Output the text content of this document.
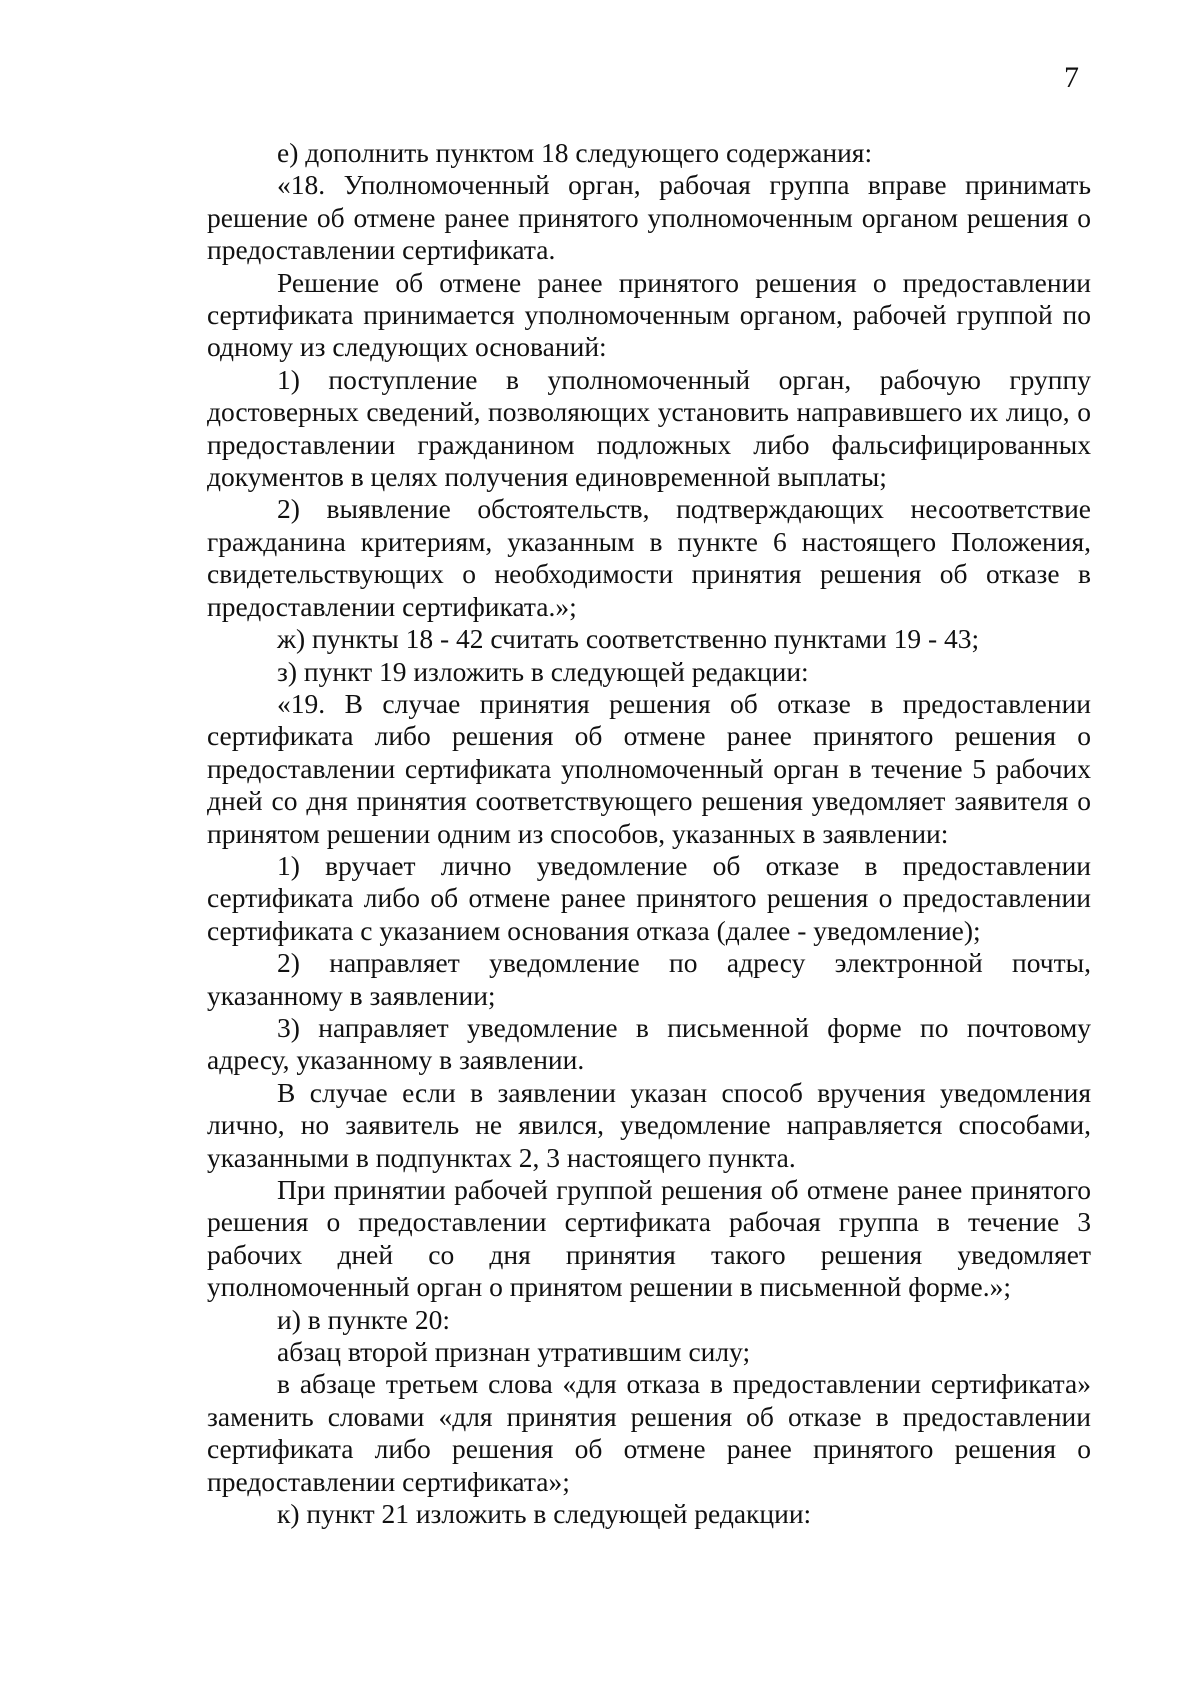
7

е) дополнить пунктом 18 следующего содержания:

«18. Уполномоченный орган, рабочая группа вправе принимать решение об отмене ранее принятого уполномоченным органом решения о предоставлении сертификата.

Решение об отмене ранее принятого решения о предоставлении сертификата принимается уполномоченным органом, рабочей группой по одному из следующих оснований:

1) поступление в уполномоченный орган, рабочую группу достоверных сведений, позволяющих установить направившего их лицо, о предоставлении гражданином подложных либо фальсифицированных документов в целях получения единовременной выплаты;

2) выявление обстоятельств, подтверждающих несоответствие гражданина критериям, указанным в пункте 6 настоящего Положения, свидетельствующих о необходимости принятия решения об отказе в предоставлении сертификата.»;

ж) пункты 18 - 42 считать соответственно пунктами 19 - 43;

з) пункт 19 изложить в следующей редакции:

«19. В случае принятия решения об отказе в предоставлении сертификата либо решения об отмене ранее принятого решения о предоставлении сертификата уполномоченный орган в течение 5 рабочих дней со дня принятия соответствующего решения уведомляет заявителя о принятом решении одним из способов, указанных в заявлении:

1) вручает лично уведомление об отказе в предоставлении сертификата либо об отмене ранее принятого решения о предоставлении сертификата с указанием основания отказа (далее - уведомление);

2) направляет уведомление по адресу электронной почты, указанному в заявлении;

3) направляет уведомление в письменной форме по почтовому адресу, указанному в заявлении.

В случае если в заявлении указан способ вручения уведомления лично, но заявитель не явился, уведомление направляется способами, указанными в подпунктах 2, 3 настоящего пункта.

При принятии рабочей группой решения об отмене ранее принятого решения о предоставлении сертификата рабочая группа в течение 3 рабочих дней со дня принятия такого решения уведомляет уполномоченный орган о принятом решении в письменной форме.»;

и) в пункте 20:

абзац второй признан утратившим силу;

в абзаце третьем слова «для отказа в предоставлении сертификата» заменить словами «для принятия решения об отказе в предоставлении сертификата либо решения об отмене ранее принятого решения о предоставлении сертификата»;

к) пункт 21 изложить в следующей редакции:
